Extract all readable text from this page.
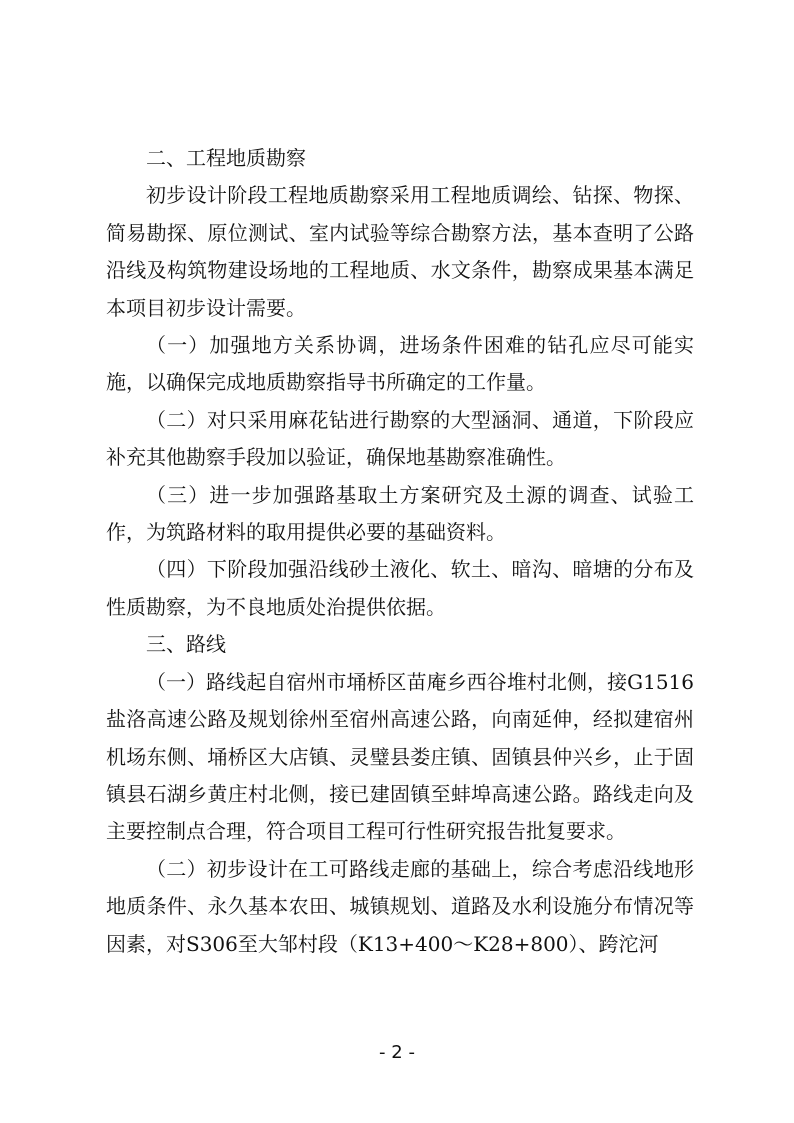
二、工程地质勘察

初步设计阶段工程地质勘察采用工程地质调绘、钻探、物探、简易勘探、原位测试、室内试验等综合勘察方法，基本查明了公路沿线及构筑物建设场地的工程地质、水文条件，勘察成果基本满足本项目初步设计需要。

（一）加强地方关系协调，进场条件困难的钻孔应尽可能实施，以确保完成地质勘察指导书所确定的工作量。

（二）对只采用麻花钻进行勘察的大型涵洞、通道，下阶段应补充其他勘察手段加以验证，确保地基勘察准确性。

（三）进一步加强路基取土方案研究及土源的调查、试验工作，为筑路材料的取用提供必要的基础资料。

（四）下阶段加强沿线砂土液化、软土、暗沟、暗塘的分布及性质勘察，为不良地质处治提供依据。

三、路线

（一）路线起自宿州市埇桥区苗庵乡西谷堆村北侧，接G1516盐洛高速公路及规划徐州至宿州高速公路，向南延伸，经拟建宿州机场东侧、埇桥区大店镇、灵璧县娄庄镇、固镇县仲兴乡，止于固镇县石湖乡黄庄村北侧，接已建固镇至蚌埠高速公路。路线走向及主要控制点合理，符合项目工程可行性研究报告批复要求。

（二）初步设计在工可路线走廊的基础上，综合考虑沿线地形地质条件、永久基本农田、城镇规划、道路及水利设施分布情况等因素，对S306至大邹村段（K13+400～K28+800）、跨沱河

- 2 -
